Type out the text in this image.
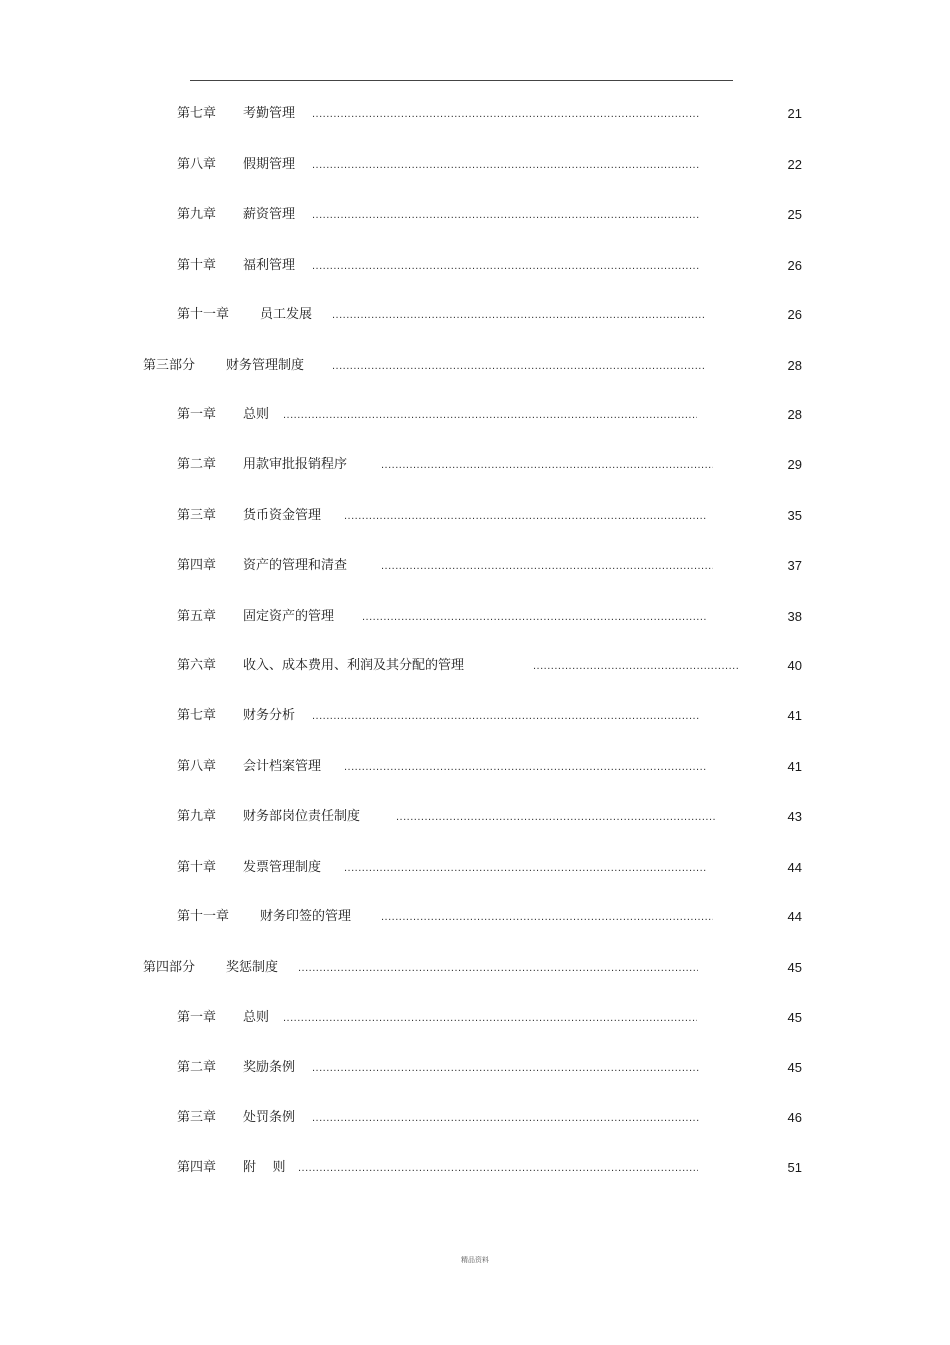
第七章 考勤管理 .....	21
第八章 假期管理 .....	22
第九章 薪资管理 .....	25
第十章 福利管理 .....	26
第十一章 员工发展 .....	26
第三部分 财务管理制度 .....	28
第一章 总则 .....	28
第二章 用款审批报销程序 .....	29
第三章 货币资金管理 .....	35
第四章 资产的管理和清查 .....	37
第五章 固定资产的管理 .....	38
第六章 收入、成本费用、利润及其分配的管理 .....	40
第七章 财务分析 .....	41
第八章 会计档案管理 .....	41
第九章 财务部岗位责任制度 .....	43
第十章 发票管理制度 .....	44
第十一章 财务印签的管理 .....	44
第四部分 奖惩制度 .....	45
第一章 总则 .....	45
第二章 奖励条例 .....	45
第三章 处罚条例 .....	46
第四章 附    则 .....	51
精品资料
